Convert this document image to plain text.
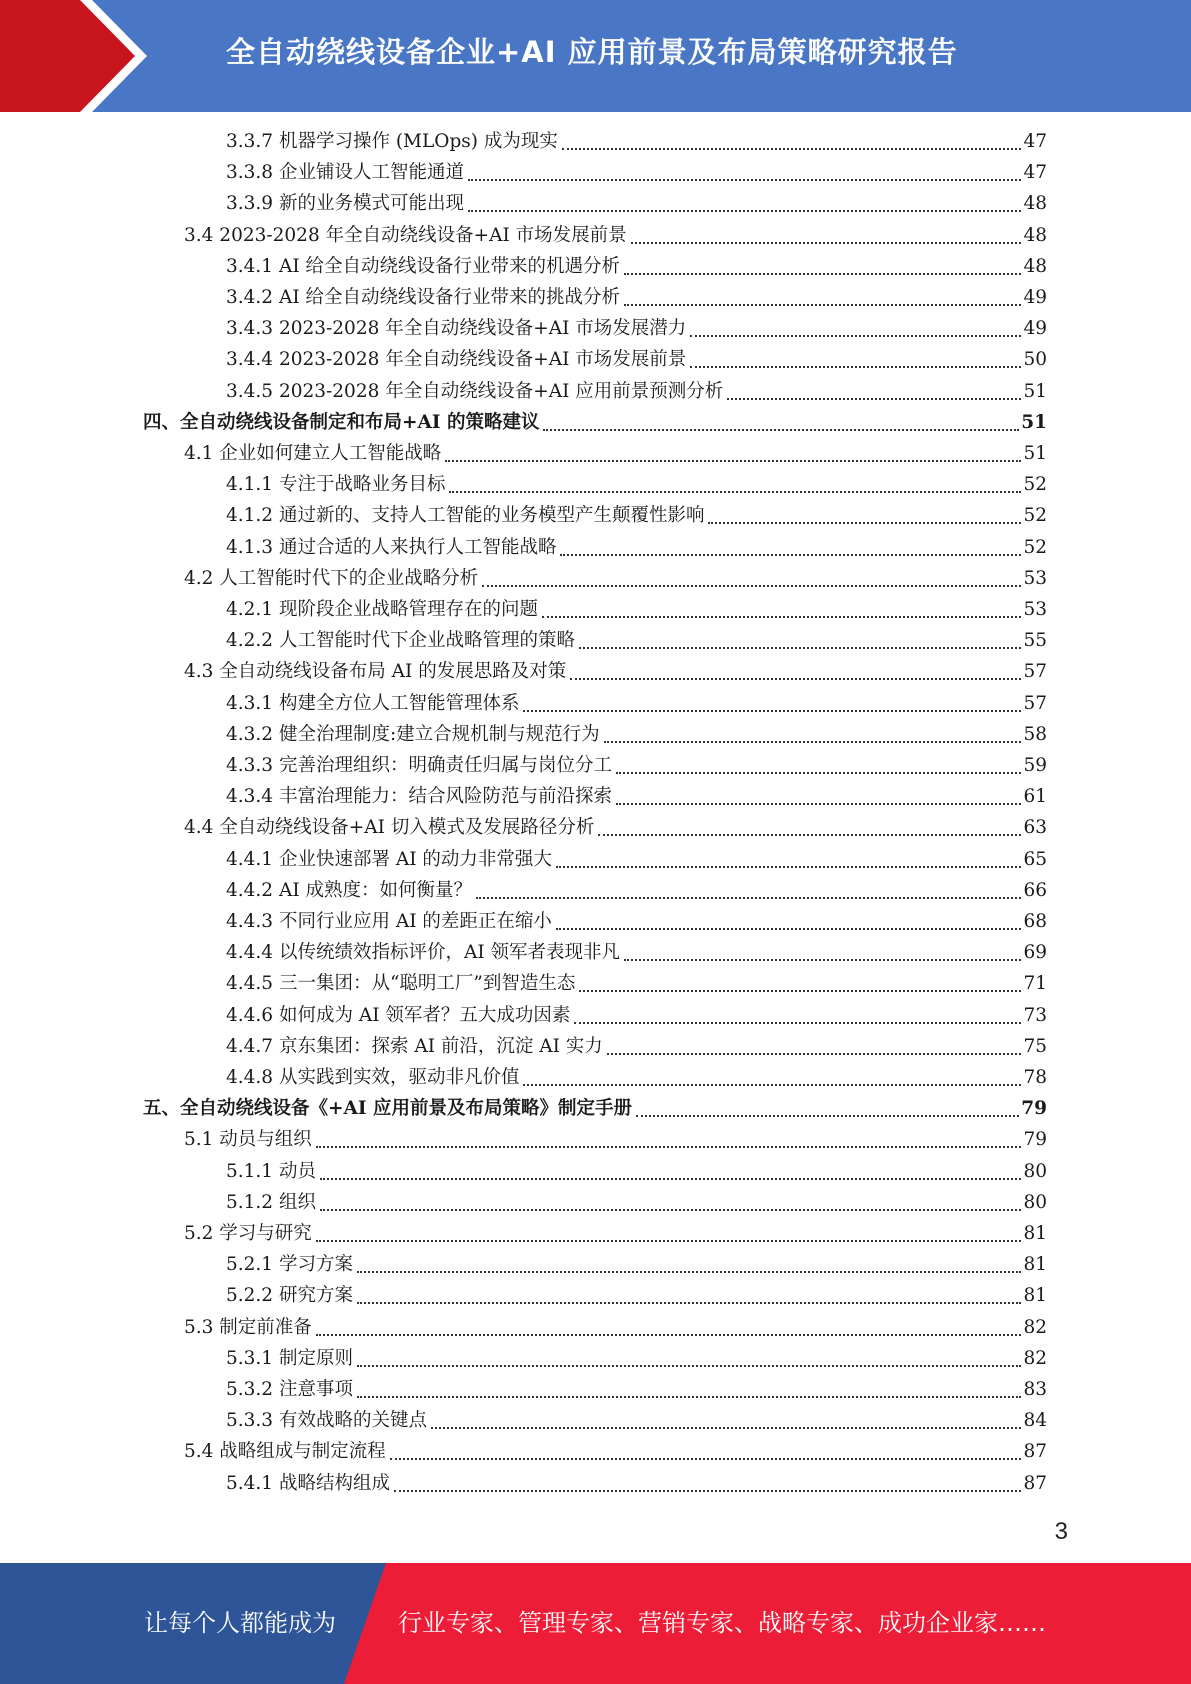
全自动绕线设备企业+AI 应用前景及布局策略研究报告
3.3.7 机器学习操作 (MLOps) 成为现实	47
3.3.8 企业铺设人工智能通道	47
3.3.9 新的业务模式可能出现	48
3.4 2023-2028 年全自动绕线设备+AI 市场发展前景	48
3.4.1 AI 给全自动绕线设备行业带来的机遇分析	48
3.4.2 AI 给全自动绕线设备行业带来的挑战分析	49
3.4.3 2023-2028 年全自动绕线设备+AI 市场发展潜力	49
3.4.4 2023-2028 年全自动绕线设备+AI 市场发展前景	50
3.4.5 2023-2028 年全自动绕线设备+AI 应用前景预测分析	51
四、全自动绕线设备制定和布局+AI 的策略建议	51
4.1 企业如何建立人工智能战略	51
4.1.1 专注于战略业务目标	52
4.1.2 通过新的、支持人工智能的业务模型产生颠覆性影响	52
4.1.3 通过合适的人来执行人工智能战略	52
4.2 人工智能时代下的企业战略分析	53
4.2.1 现阶段企业战略管理存在的问题	53
4.2.2 人工智能时代下企业战略管理的策略	55
4.3 全自动绕线设备布局 AI 的发展思路及对策	57
4.3.1 构建全方位人工智能管理体系	57
4.3.2 健全治理制度:建立合规机制与规范行为	58
4.3.3 完善治理组织：明确责任归属与岗位分工	59
4.3.4 丰富治理能力：结合风险防范与前沿探索	61
4.4 全自动绕线设备+AI 切入模式及发展路径分析	63
4.4.1 企业快速部署 AI 的动力非常强大	65
4.4.2 AI 成熟度：如何衡量？	66
4.4.3 不同行业应用 AI 的差距正在缩小	68
4.4.4 以传统绩效指标评价，AI 领军者表现非凡	69
4.4.5 三一集团：从“聪明工厂”到智造生态	71
4.4.6 如何成为 AI 领军者？五大成功因素	73
4.4.7 京东集团：探索 AI 前沿，沉淀 AI 实力	75
4.4.8 从实践到实效，驱动非凡价值	78
五、全自动绕线设备《+AI 应用前景及布局策略》制定手册	79
5.1 动员与组织	79
5.1.1 动员	80
5.1.2 组织	80
5.2 学习与研究	81
5.2.1 学习方案	81
5.2.2 研究方案	81
5.3 制定前准备	82
5.3.1 制定原则	82
5.3.2 注意事项	83
5.3.3 有效战略的关键点	84
5.4 战略组成与制定流程	87
5.4.1 战略结构组成	87
3
让每个人都能成为	行业专家、管理专家、营销专家、战略专家、成功企业家……
